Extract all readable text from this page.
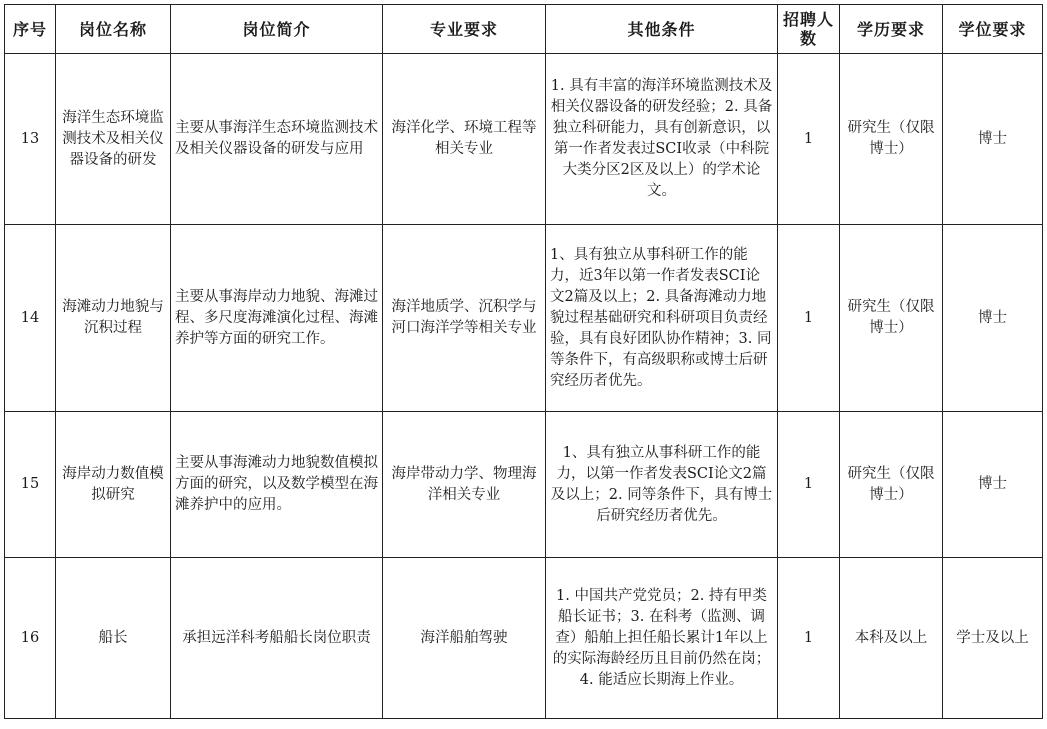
序号	岗位名称	岗位简介	专业要求	其他条件	招聘人数	学历要求	学位要求
13	海洋生态环境监测技术及相关仪器设备的研发	主要从事海洋生态环境监测技术及相关仪器设备的研发与应用	海洋化学、环境工程等相关专业	1. 具有丰富的海洋环境监测技术及相关仪器设备的研发经验；2. 具备独立科研能力，具有创新意识，以第一作者发表过SCI收录（中科院大类分区2区及以上）的学术论文。	1	研究生（仅限博士）	博士
14	海滩动力地貌与沉积过程	主要从事海岸动力地貌、海滩过程、多尺度海滩演化过程、海滩养护等方面的研究工作。	海洋地质学、沉积学与河口海洋学等相关专业	1、具有独立从事科研工作的能力，近3年以第一作者发表SCI论文2篇及以上；2. 具备海滩动力地貌过程基础研究和科研项目负责经验，具有良好团队协作精神；3. 同等条件下，有高级职称或博士后研究经历者优先。	1	研究生（仅限博士）	博士
15	海岸动力数值模拟研究	主要从事海滩动力地貌数值模拟方面的研究，以及数学模型在海滩养护中的应用。	海岸带动力学、物理海洋相关专业	1、具有独立从事科研工作的能力，以第一作者发表SCI论文2篇及以上；2. 同等条件下，具有博士后研究经历者优先。	1	研究生（仅限博士）	博士
16	船长	承担远洋科考船船长岗位职责	海洋船舶驾驶	1. 中国共产党党员；2. 持有甲类船长证书；3. 在科考（监测、调查）船舶上担任船长累计1年以上的实际海龄经历且目前仍然在岗；4. 能适应长期海上作业。	1	本科及以上	学士及以上
